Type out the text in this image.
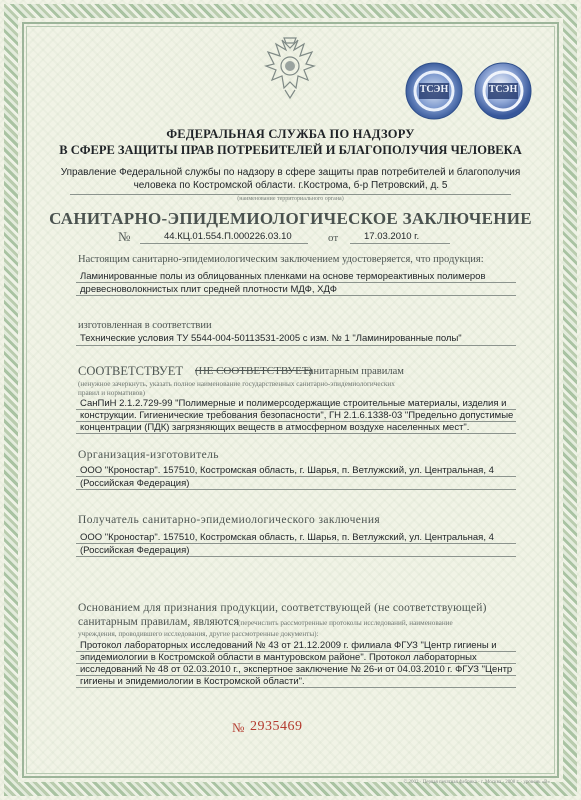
ТСЭН	ТСЭН
ФЕДЕРАЛЬНАЯ СЛУЖБА ПО НАДЗОРУ
В СФЕРЕ ЗАЩИТЫ ПРАВ ПОТРЕБИТЕЛЕЙ И БЛАГОПОЛУЧИЯ ЧЕЛОВЕКА
Управление Федеральной службы по надзору в сфере защиты прав потребителей и благополучия
человека по Костромской области. г.Кострома, б-р Петровский, д. 5
(наименование территориального органа)
САНИТАРНО-ЭПИДЕМИОЛОГИЧЕСКОЕ ЗАКЛЮЧЕНИЕ
№	44.КЦ.01.554.П.000226.03.10	от	17.03.2010 г.
Настоящим санитарно-эпидемиологическим заключением удостоверяется, что продукция:
Ламинированные полы из облицованных пленками на основе термореактивных полимеров
древесноволокнистых плит средней плотности МДФ, ХДФ
изготовленная в соответствии
Технические условия ТУ 5544-004-50113531-2005 с изм. № 1 "Ламинированные полы"
СООТВЕТСТВУЕТ (НЕ СООТВЕТСТВУЕТ)
санитарным правилам
(ненужное зачеркнуть, указать полное наименование государственных санитарно-эпидемиологических
правил и нормативов)
СанПиН 2.1.2.729-99 "Полимерные и полимерсодержащие строительные материалы, изделия и
конструкции. Гигиенические требования безопасности", ГН 2.1.6.1338-03 "Предельно допустимые
концентрации (ПДК) загрязняющих веществ в атмосферном воздухе населенных мест".
Организация-изготовитель
ООО "Кроностар". 157510, Костромская область, г. Шарья, п. Ветлужский, ул. Центральная, 4
(Российская Федерация)
Получатель санитарно-эпидемиологического заключения
ООО "Кроностар". 157510, Костромская область, г. Шарья, п. Ветлужский, ул. Центральная, 4
(Российская Федерация)
Основанием для признания продукции, соответствующей (не соответствующей)
санитарным правилам, являются (перечислить рассмотренные протоколы исследований, наименование
учреждения, проводившего исследования, другие рассмотренные документы):
Протокол лабораторных исследований № 43 от 21.12.2009 г. филиала ФГУЗ "Центр гигиены и
эпидемиологии в Костромской области в мантуровском районе". Протокол лабораторных
исследований № 48 от 02.03.2010 г., экспертное заключение № 26-и от 04.03.2010 г. ФГУЗ "Центр
гигиены и эпидемиологии в Костромской области".
№ 2935469
© 2002 · Первая печатная фабрика · г. Москва · 2008 г. · уровень «В»
